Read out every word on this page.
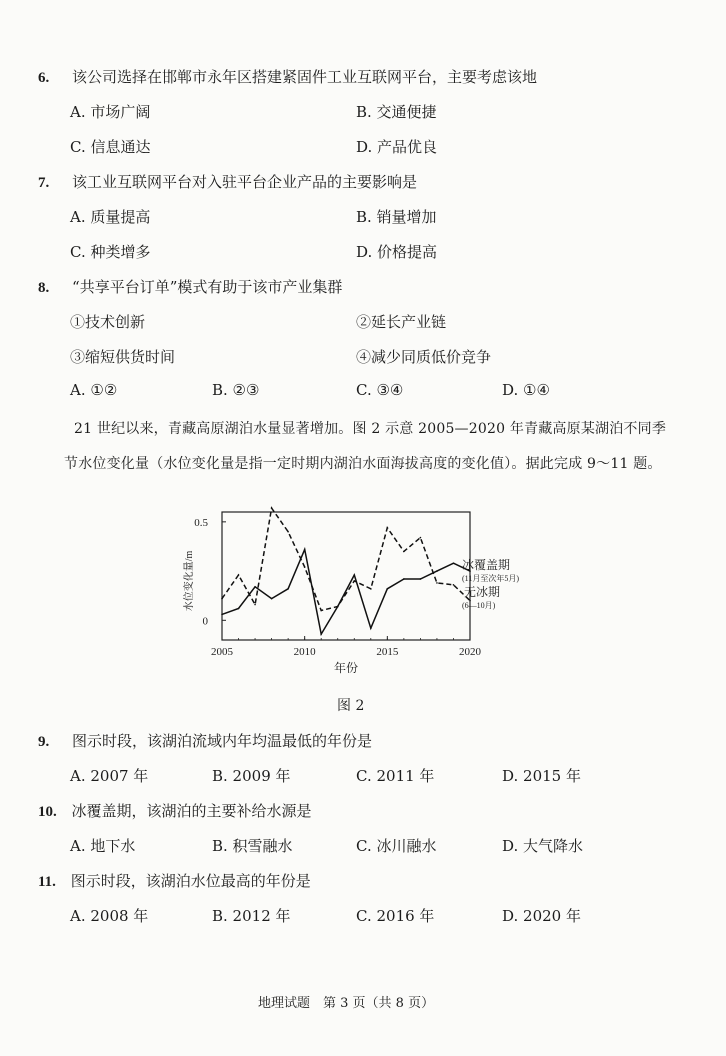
6. 该公司选择在邯郸市永年区搭建紧固件工业互联网平台，主要考虑该地
A. 市场广阔	B. 交通便捷
C. 信息通达	D. 产品优良
7. 该工业互联网平台对入驻平台企业产品的主要影响是
A. 质量提高	B. 销量增加
C. 种类增多	D. 价格提高
8. “共享平台订单”模式有助于该市产业集群
①技术创新	②延长产业链
③缩短供货时间	④减少同质低价竞争
A. ①②	B. ②③	C. ③④	D. ①④
21 世纪以来，青藏高原湖泊水量显著增加。图 2 示意 2005—2020 年青藏高原某湖泊不同季
节水位变化量（水位变化量是指一定时期内湖泊水面海拔高度的变化值）。据此完成 9～11 题。
2005	2010	2015	2020
0
0.5
年份
水位变化量/m	冰覆盖期
(11月至次年5月)
无冰期
(6—10月)
图 2
9. 图示时段，该湖泊流域内年均温最低的年份是
A. 2007 年	B. 2009 年	C. 2011 年	D. 2015 年
10. 冰覆盖期，该湖泊的主要补给水源是
A. 地下水	B. 积雪融水	C. 冰川融水	D. 大气降水
11. 图示时段，该湖泊水位最高的年份是
A. 2008 年	B. 2012 年	C. 2016 年	D. 2020 年
地理试题　第 3 页（共 8 页）
